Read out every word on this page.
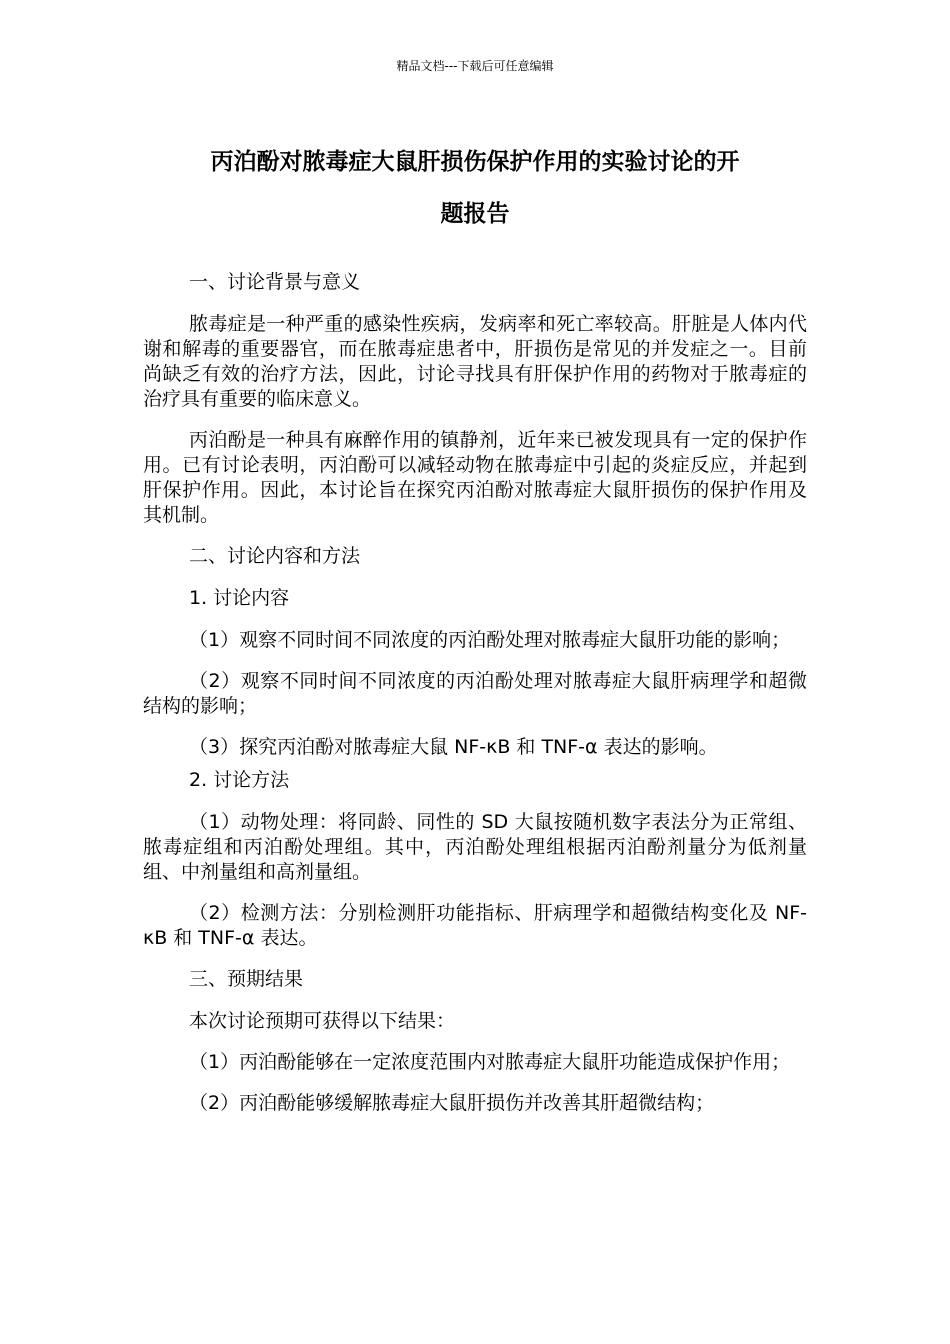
精品文档---下载后可任意编辑
丙泊酚对脓毒症大鼠肝损伤保护作用的实验讨论的开
题报告

一、讨论背景与意义

脓毒症是一种严重的感染性疾病，发病率和死亡率较高。肝脏是人体内代谢和解毒的重要器官，而在脓毒症患者中，肝损伤是常见的并发症之一。目前尚缺乏有效的治疗方法，因此，讨论寻找具有肝保护作用的药物对于脓毒症的治疗具有重要的临床意义。

丙泊酚是一种具有麻醉作用的镇静剂，近年来已被发现具有一定的保护作用。已有讨论表明，丙泊酚可以减轻动物在脓毒症中引起的炎症反应，并起到肝保护作用。因此，本讨论旨在探究丙泊酚对脓毒症大鼠肝损伤的保护作用及其机制。

二、讨论内容和方法

1. 讨论内容

（1）观察不同时间不同浓度的丙泊酚处理对脓毒症大鼠肝功能的影响；

（2）观察不同时间不同浓度的丙泊酚处理对脓毒症大鼠肝病理学和超微结构的影响；

（3）探究丙泊酚对脓毒症大鼠 NF-κB 和 TNF-α 表达的影响。

2. 讨论方法

（1）动物处理：将同龄、同性的 SD 大鼠按随机数字表法分为正常组、脓毒症组和丙泊酚处理组。其中，丙泊酚处理组根据丙泊酚剂量分为低剂量组、中剂量组和高剂量组。

（2）检测方法：分别检测肝功能指标、肝病理学和超微结构变化及 NF-κB 和 TNF-α 表达。

三、预期结果

本次讨论预期可获得以下结果：

（1）丙泊酚能够在一定浓度范围内对脓毒症大鼠肝功能造成保护作用；

（2）丙泊酚能够缓解脓毒症大鼠肝损伤并改善其肝超微结构；
